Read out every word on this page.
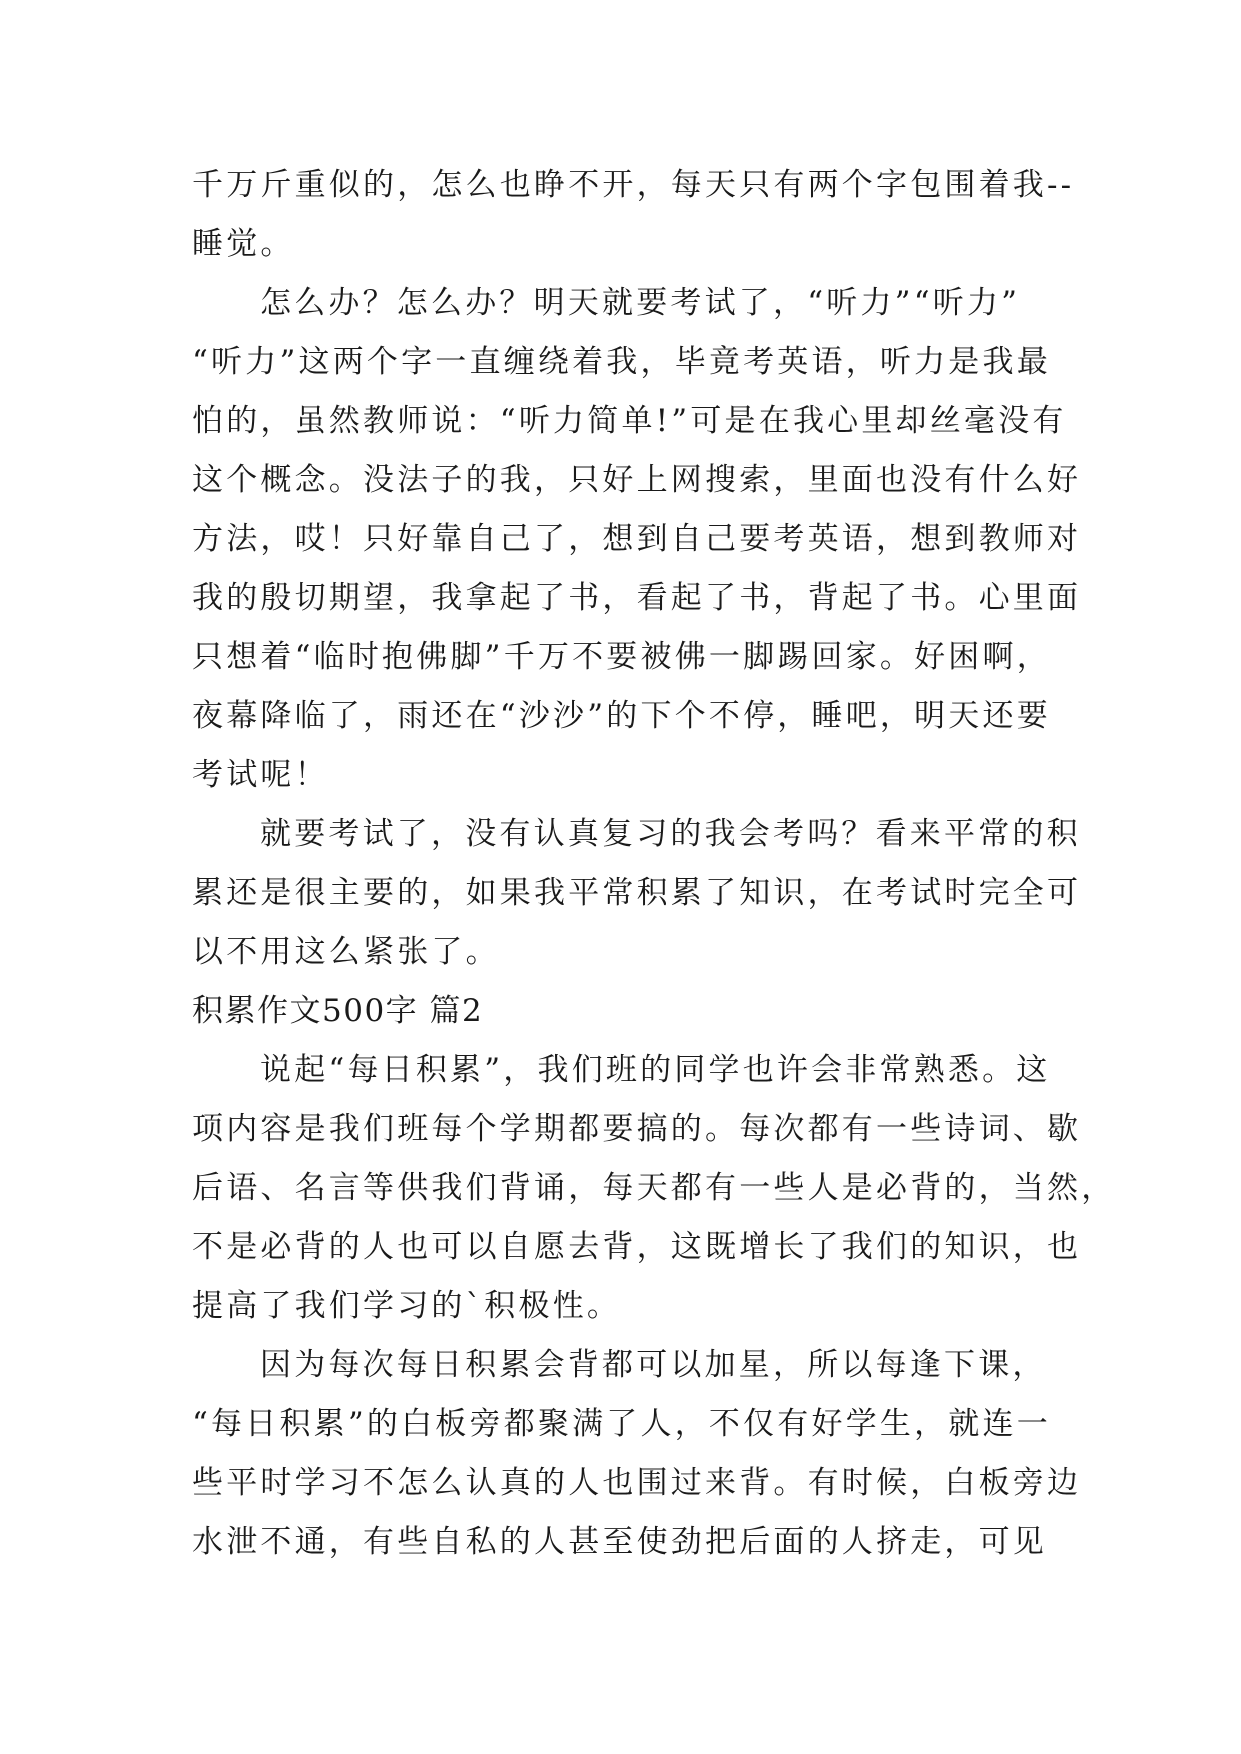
千万斤重似的，怎么也睁不开，每天只有两个字包围着我--
睡觉。
怎么办？怎么办？明天就要考试了，“听力”“听力”
“听力”这两个字一直缠绕着我，毕竟考英语，听力是我最
怕的，虽然教师说：“听力简单!”可是在我心里却丝毫没有
这个概念。没法子的我，只好上网搜索，里面也没有什么好
方法，哎！只好靠自己了，想到自己要考英语，想到教师对
我的殷切期望，我拿起了书，看起了书，背起了书。心里面
只想着“临时抱佛脚”千万不要被佛一脚踢回家。好困啊，
夜幕降临了，雨还在“沙沙”的下个不停，睡吧，明天还要
考试呢！
就要考试了，没有认真复习的我会考吗？看来平常的积
累还是很主要的，如果我平常积累了知识，在考试时完全可
以不用这么紧张了。
积累作文500字 篇2
说起“每日积累”，我们班的同学也许会非常熟悉。这
项内容是我们班每个学期都要搞的。每次都有一些诗词、歇
后语、名言等供我们背诵，每天都有一些人是必背的，当然，
不是必背的人也可以自愿去背，这既增长了我们的知识，也
提高了我们学习的`积极性。
因为每次每日积累会背都可以加星，所以每逢下课，
“每日积累”的白板旁都聚满了人，不仅有好学生，就连一
些平时学习不怎么认真的人也围过来背。有时候，白板旁边
水泄不通，有些自私的人甚至使劲把后面的人挤走，可见
